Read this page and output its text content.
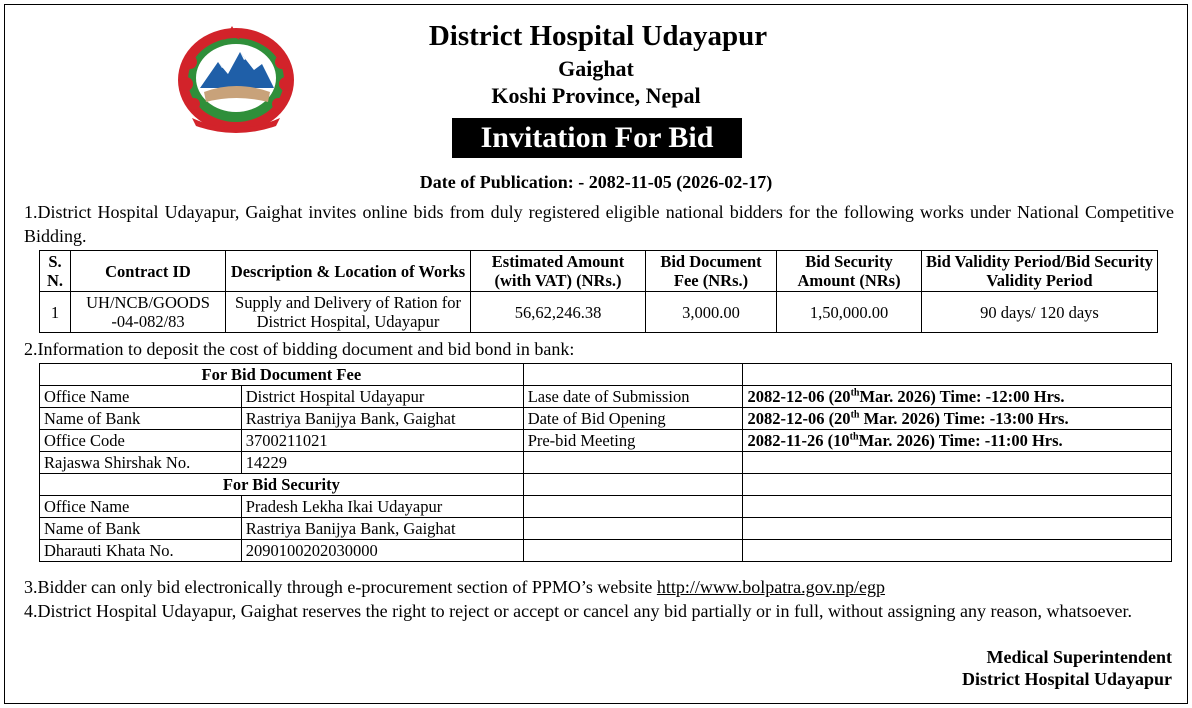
District Hospital Udayapur
Gaighat
Koshi Province, Nepal
Invitation For Bid
Date of Publication: - 2082-11-05 (2026-02-17)
1.District Hospital Udayapur, Gaighat invites online bids from duly registered eligible national bidders for the following works under National Competitive Bidding.
S. N.	Contract ID	Description & Location of Works	Estimated Amount (with VAT) (NRs.)	Bid Document Fee (NRs.)	Bid Security Amount (NRs)	Bid Validity Period/Bid Security Validity Period
1	UH/NCB/GOODS -04-082/83	Supply and Delivery of Ration for District Hospital, Udayapur	56,62,246.38	3,000.00	1,50,000.00	90 days/ 120 days
2.Information to deposit the cost of bidding document and bid bond in bank:
For Bid Document Fee			
Office Name	District Hospital Udayapur	Lase date of Submission	2082-12-06 (20thMar. 2026) Time: -12:00 Hrs.
Name of Bank	Rastriya Banijya Bank, Gaighat	Date of Bid Opening	2082-12-06 (20th Mar. 2026) Time: -13:00 Hrs.
Office Code	3700211021	Pre-bid Meeting	2082-11-26 (10thMar. 2026) Time: -11:00 Hrs.
Rajaswa Shirshak No.	14229		
For Bid Security			
Office Name	Pradesh Lekha Ikai Udayapur		
Name of Bank	Rastriya Banijya Bank, Gaighat		
Dharauti Khata No.	2090100202030000		
3.Bidder can only bid electronically through e-procurement section of PPMO’s website http://www.bolpatra.gov.np/egp
4.District Hospital Udayapur, Gaighat reserves the right to reject or accept or cancel any bid partially or in full, without assigning any reason, whatsoever.
Medical Superintendent
District Hospital Udayapur
